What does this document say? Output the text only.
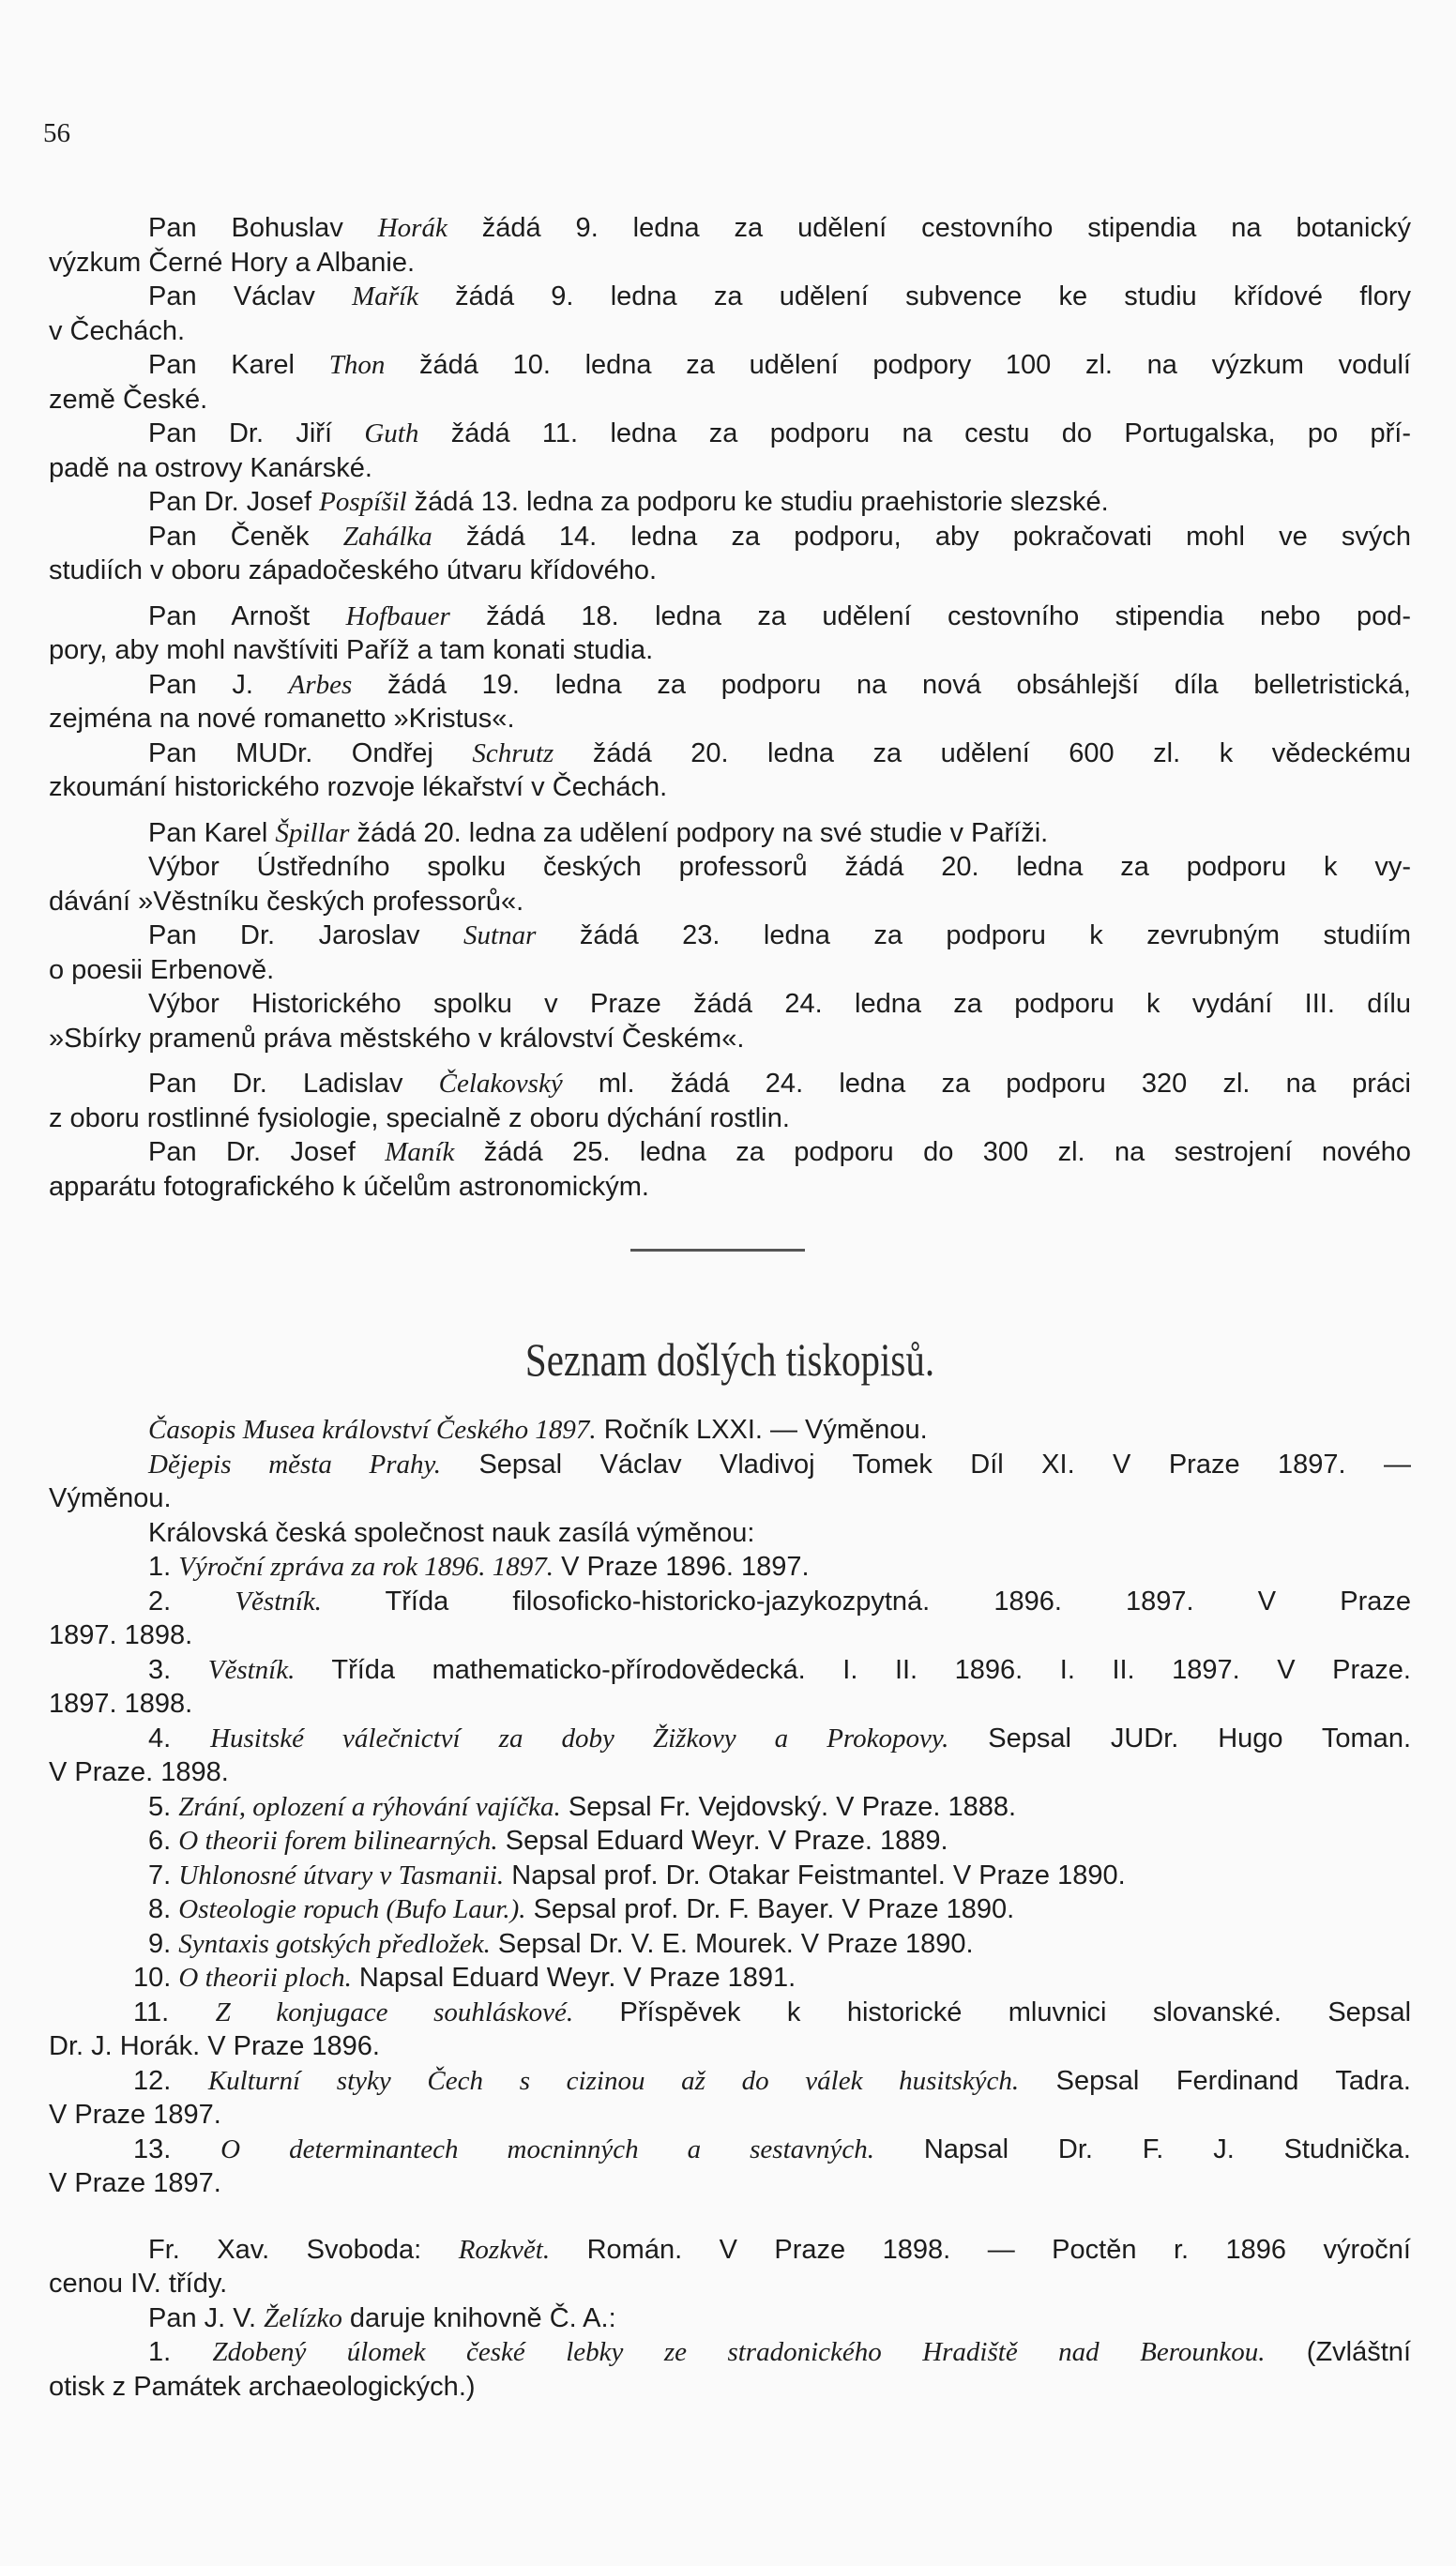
56
Pan Bohuslav Horák žádá 9. ledna za udělení cestovního stipendia na botanický
výzkum Černé Hory a Albanie.
Pan Václav Mařík žádá 9. ledna za udělení subvence ke studiu křídové flory
v Čechách.
Pan Karel Thon žádá 10. ledna za udělení podpory 100 zl. na výzkum vodulí
země České.
Pan Dr. Jiří Guth žádá 11. ledna za podporu na cestu do Portugalska, po pří-
padě na ostrovy Kanárské.
Pan Dr. Josef Pospíšil žádá 13. ledna za podporu ke studiu praehistorie slezské.
Pan Čeněk Zahálka žádá 14. ledna za podporu, aby pokračovati mohl ve svých
studiích v oboru západočeského útvaru křídového.
Pan Arnošt Hofbauer žádá 18. ledna za udělení cestovního stipendia nebo pod-
pory, aby mohl navštíviti Paříž a tam konati studia.
Pan J. Arbes žádá 19. ledna za podporu na nová obsáhlejší díla belletristická,
zejména na nové romanetto »Kristus«.
Pan MUDr. Ondřej Schrutz žádá 20. ledna za udělení 600 zl. k vědeckému
zkoumání historického rozvoje lékařství v Čechách.
Pan Karel Špillar žádá 20. ledna za udělení podpory na své studie v Paříži.
Výbor Ústředního spolku českých professorů žádá 20. ledna za podporu k vy-
dávání »Věstníku českých professorů«.
Pan Dr. Jaroslav Sutnar žádá 23. ledna za podporu k zevrubným studiím
o poesii Erbenově.
Výbor Historického spolku v Praze žádá 24. ledna za podporu k vydání III. dílu
»Sbírky pramenů práva městského v království Českém«.
Pan Dr. Ladislav Čelakovský ml. žádá 24. ledna za podporu 320 zl. na práci
z oboru rostlinné fysiologie, specialně z oboru dýchání rostlin.
Pan Dr. Josef Maník žádá 25. ledna za podporu do 300 zl. na sestrojení nového
apparátu fotografického k účelům astronomickým.
Seznam došlých tiskopisů.
Časopis Musea království Českého 1897. Ročník LXXI. — Výměnou.
Dějepis města Prahy. Sepsal Václav Vladivoj Tomek Díl XI. V Praze 1897. —
Výměnou.
Královská česká společnost nauk zasílá výměnou:
1. Výroční zpráva za rok 1896. 1897. V Praze 1896. 1897.
2. Věstník. Třída filosoficko-historicko-jazykozpytná. 1896. 1897. V Praze
1897. 1898.
3. Věstník. Třída mathematicko-přírodovědecká. I. II. 1896. I. II. 1897. V Praze.
1897. 1898.
4. Husitské válečnictví za doby Žižkovy a Prokopovy. Sepsal JUDr. Hugo Toman.
V Praze. 1898.
5. Zrání, oplození a rýhování vajíčka. Sepsal Fr. Vejdovský. V Praze. 1888.
6. O theorii forem bilinearných. Sepsal Eduard Weyr. V Praze. 1889.
7. Uhlonosné útvary v Tasmanii. Napsal prof. Dr. Otakar Feistmantel. V Praze 1890.
8. Osteologie ropuch (Bufo Laur.). Sepsal prof. Dr. F. Bayer. V Praze 1890.
9. Syntaxis gotských předložek. Sepsal Dr. V. E. Mourek. V Praze 1890.
10. O theorii ploch. Napsal Eduard Weyr. V Praze 1891.
11. Z konjugace souhláskové. Příspěvek k historické mluvnici slovanské. Sepsal
Dr. J. Horák. V Praze 1896.
12. Kulturní styky Čech s cizinou až do válek husitských. Sepsal Ferdinand Tadra.
V Praze 1897.
13. O determinantech mocninných a sestavných. Napsal Dr. F. J. Studnička.
V Praze 1897.
Fr. Xav. Svoboda: Rozkvět. Román. V Praze 1898. — Poctěn r. 1896 výroční
cenou IV. třídy.
Pan J. V. Želízko daruje knihovně Č. A.:
1. Zdobený úlomek české lebky ze stradonického Hradiště nad Berounkou. (Zvláštní
otisk z Památek archaeologických.)
